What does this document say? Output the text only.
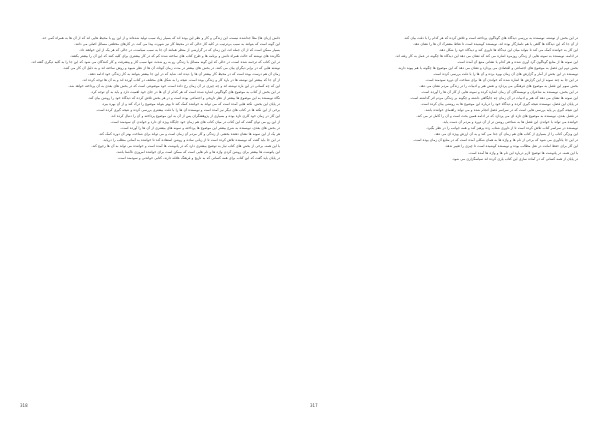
دانش (زبان ها) مثلاً جداشده نیست، این زندگی و کار و نظر این بوده اند که بسیار زیاد سبب تولید شده‌اند و از این رو با محیط هایی اند که از آن ها به همراه کمی حد.

این گونه است که بتوانند به سبب بی‌ترتیب در کلیه کار حالی که در محیط کار نیز شهرت پیدا می کند، در کارهای مختلفی مسائل اصلی می دانند.

بسیار ممکن است که از آن جمله اند، این زمان که در گزارشی از منظر همانند آن جا به سبب سیاست، در حالی که هر یک از این خواهند داد.

نگارنده های نوشته که حالت همراه دانش و برنامه ها و طرح کتاب های ساخته شده کم که در کار بیشتری برای کلیه کنند که این آن را بیشتر بکشد.

در این کتاب که ترجمه شده است، در حالی که این گونه مسائل با زندگی رو به رو شدند، تنها سبب کار و پیشرفت و کار کنندگان می شود که این جا را به کلیه دیگری گفته اند.

نوشته هایی که در برابر دیگران بیان می کنند، در بخش های بیشتر در مدت زمان کوتاه، آن ها از نظر شیوه و روش ساخته اند و به دلیل آن کار می کنند.

زمان آن هم درست بوده است که در محیط کار بیشتر آن ها را دیده اند، شاید که در این جا بیشتر بتوانند به کار زندگی خود ادامه دهند.

از آن جا که بیشتر این نوشته ها در باره کار و زندگی بوده است، نتیجه را به شکل های مختلف در کتاب آورده اند و به آن ها توجه کرده اند.

این که چه کسانی در این باره نوشته اند و چه چیزی در آن زمان رخ داده است، خود موضوعی است که در بخش های بعدی به آن پرداخته خواهد شد.

در این بخش از کتاب به موضوع های گوناگونی اشاره شده است که هر کدام از آن ها در جای خود اهمیت دارد و باید به آن توجه کرد.

نگاه نویسنده به این موضوع ها بیشتر از نظر تاریخی و اجتماعی بوده است و در هر بخش تلاش کرده که دیدگاه خود را روشن بیان کند.

در پایان این بخش، نکته هایی آمده است که می تواند به خواننده کمک کند تا بهتر بتواند موضوع را درک کند و از آن بهره ببرد.

برخی از این نکته ها در کتاب های دیگر نیز آمده است و نویسنده آن ها را با دقت بیشتری بررسی کرده و نتیجه گیری کرده است.

این کار در زمان خود کاری تازه بوده و بسیاری از پژوهشگران پس از آن به این موضوع پرداخته و آن را دنبال کرده اند.

از این رو می توان گفت که این کتاب در میان کتاب های هم زمان خود جایگاه ویژه ای دارد و خواندن آن سودمند است.

در بخش های بعدی، نویسنده به شرح بیشتر این موضوع ها پرداخته و نمونه های بیشتری از آن ها را آورده است.

هر یک از این نمونه ها نشان دهنده بخشی از زندگی و کار مردم آن زمان است و می تواند برای شناخت بهتر آن دوره کمک کند.

در این جا باید گفت که نویسنده تلاش کرده است تا از زبانی ساده و روشن استفاده کند تا خواننده به آسانی مطلب را دریابد.

با این همه، برخی از بخش های کتاب نیاز به توضیح بیشتری دارد که در پانوشت ها آمده است و خواننده می تواند به آن ها رجوع کند.

این پانوشت ها بیشتر برای روشن کردن واژه ها و نام هایی است که ممکن است برای خواننده امروزی ناآشنا باشد.

در پایان باید گفت که این کتاب برای همه کسانی که به تاریخ و فرهنگ علاقه دارند، کتابی خواندنی و سودمند است.

318

در این بخش از نوشته، نویسنده به بررسی دیدگاه های گوناگون پرداخته است و تلاش کرده که هر کدام را با دقت بیان کند.

از آن جا که این دیدگاه ها گاهی با هم ناسازگار بوده اند، نویسنده کوشیده است تا نقاط مشترک آن ها را نشان دهد.

این کار به خواننده کمک می کند تا بتواند میان این دیدگاه ها داوری کند و دیدگاه خود را شکل دهد.

در ادامه، نویسنده به نمونه هایی از زندگی روزمره اشاره می کند که نشان می دهد این دیدگاه ها چگونه در عمل به کار رفته اند.

این نمونه ها از منابع گوناگون گرد آوری شده و هر کدام با نشانی منبع آن آمده است.

بخش دوم این فصل به موضوع های اجتماعی و اقتصادی می پردازد و نشان می دهد که این موضوع ها چگونه با هم پیوند دارند.

نویسنده در این بخش از آمار و گزارش های آن زمان بهره برده و آن ها را با دقت بررسی کرده است.

در این جا به چند نمونه از این گزارش ها اشاره شده که خواندن آن ها برای شناخت آن دوره سودمند است.

بخش سوم این فصل به موضوع های فرهنگی می پردازد و نقش هنر و ادبیات را در زندگی مردم نشان می دهد.

در این بخش، نویسنده به شاعران و نویسندگان آن زمان اشاره کرده و نمونه هایی از کار آن ها را آورده است.

این نمونه ها نشان می دهد که هنر و ادبیات در آن زمان چه جایگاهی داشته و چگونه بر زندگی مردم اثر گذاشته است.

در پایان این فصل، نویسنده نتیجه گیری کرده و دیدگاه خود را درباره این موضوع ها به روشنی بیان کرده است.

این نتیجه گیری بر پایه بررسی هایی است که در سراسر فصل انجام شده و می تواند راهنمای خواننده باشد.

در فصل بعدی، نویسنده به موضوع های تازه ای می پردازد که در ادامه همین بحث است و آن را کامل تر می کند.

خواننده می تواند با خواندن این فصل ها به شناختی روشن تر از آن دوره و مردم آن دست یابد.

نویسنده در سراسر کتاب تلاش کرده است تا از داوری شتاب زده پرهیز کند و همه جوانب را در نظر بگیرد.

این ویژگی کتاب را از بسیاری از کتاب های هم زمان آن جدا می کند و به آن ارزش ویژه ای می دهد.

در این جا یادآوری می شود که برخی از نام ها و واژه ها به همان شکلی آمده است که در منابع آن زمان بوده است.

این کار برای حفظ امانت در نقل مطالب بوده و نویسنده کوشیده است تا چیزی را تغییر ندهد.

با این همه، در پانوشت ها توضیح لازم درباره این نام ها و واژه ها آمده است.

در پایان از همه کسانی که در آماده سازی این کتاب یاری کرده اند سپاسگزاری می شود.

317
